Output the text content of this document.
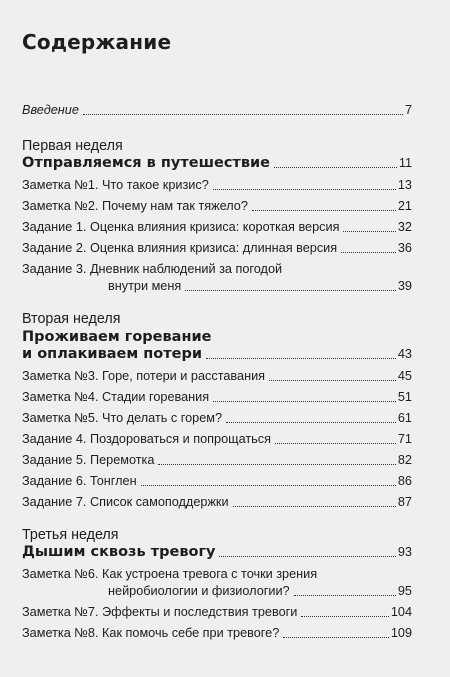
Содержание
Введение	7
Первая неделя
Отправляемся в путешествие	11
Заметка №1. Что такое кризис?	13
Заметка №2. Почему нам так тяжело?	21
Задание 1. Оценка влияния кризиса: короткая версия	32
Задание 2. Оценка влияния кризиса: длинная версия	36
Задание 3. Дневник наблюдений за погодой
внутри меня	39
Вторая неделя
Проживаем горевание
и оплакиваем потери	43
Заметка №3. Горе, потери и расставания	45
Заметка №4. Стадии горевания	51
Заметка №5. Что делать с горем?	61
Задание 4. Поздороваться и попрощаться	71
Задание 5. Перемотка	82
Задание 6. Тонглен	86
Задание 7. Список самоподдержки	87
Третья неделя
Дышим сквозь тревогу	93
Заметка №6. Как устроена тревога с точки зрения
нейробиологии и физиологии?	95
Заметка №7. Эффекты и последствия тревоги	104
Заметка №8. Как помочь себе при тревоге?	109
